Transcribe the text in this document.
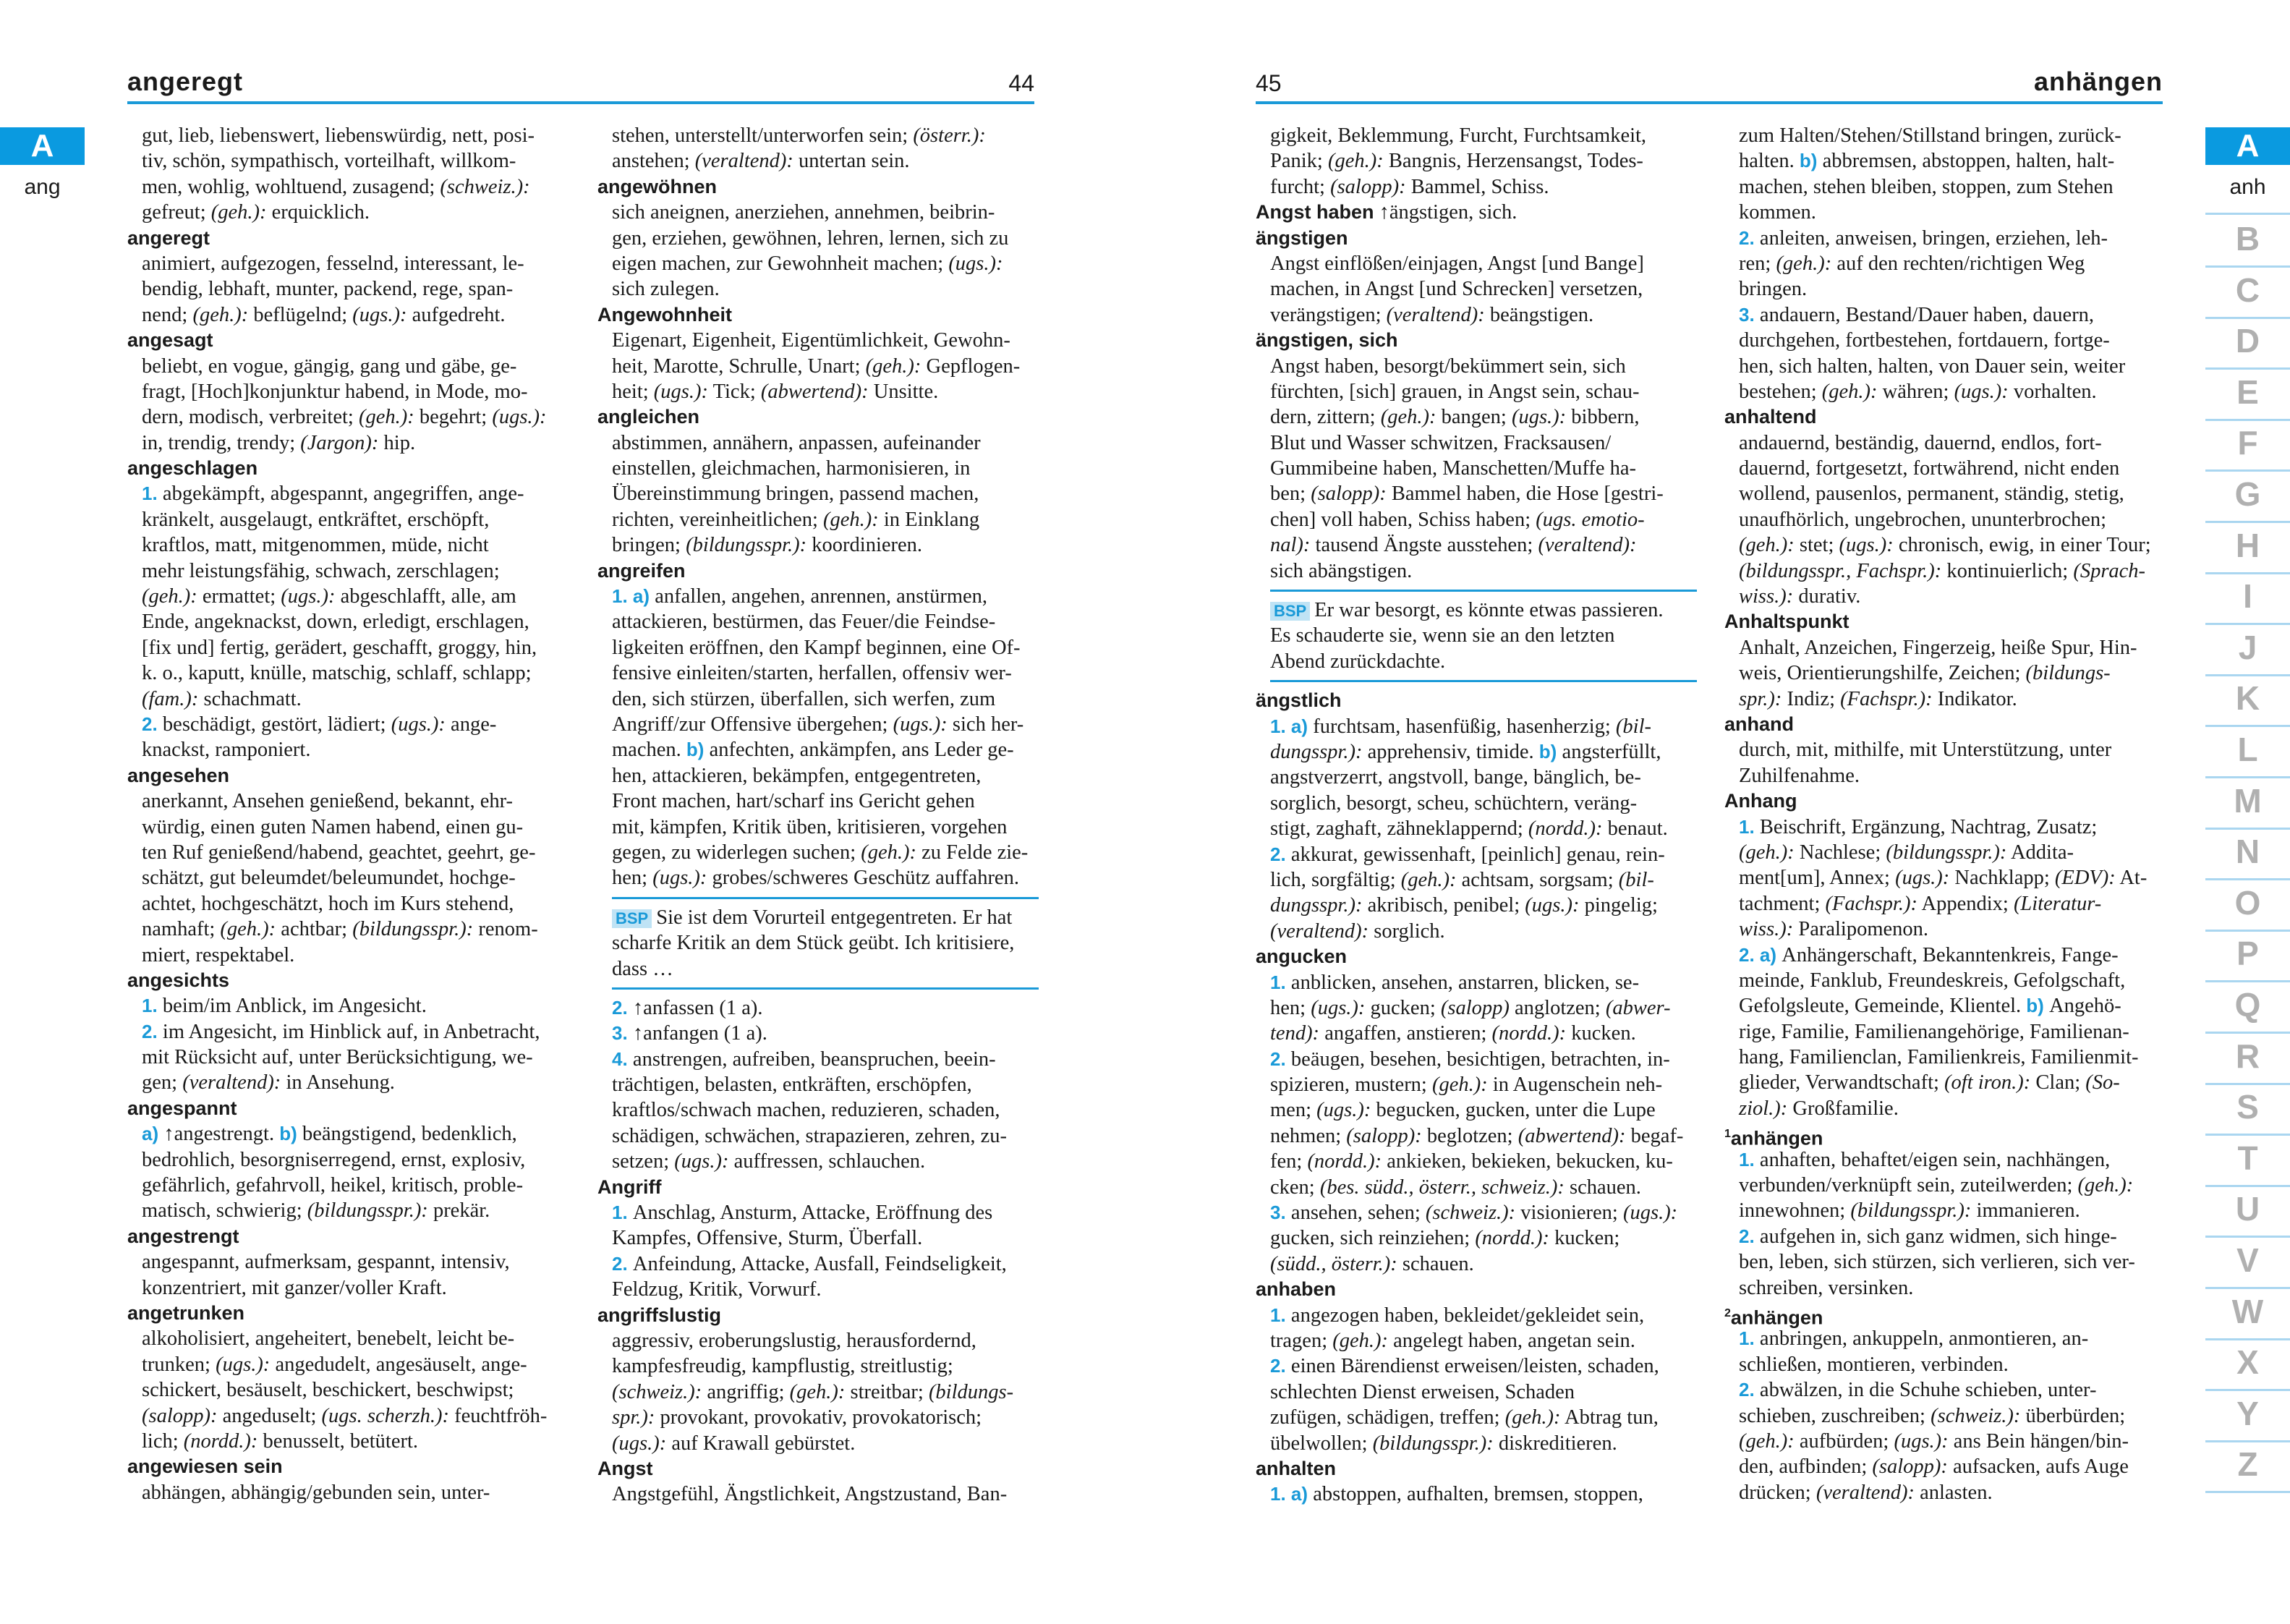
angeregt	44	45	anhängen
A
ang
A
anh
B
C
D
E
F
G
H
I
J
K
L
M
N
O
P
Q
R
S
T
U
V
W
X
Y
Z
gut, lieb, liebenswert, liebenswürdig, nett, posi-
tiv, schön, sympathisch, vorteilhaft, willkom-
men, wohlig, wohltuend, zusagend; (schweiz.):
gefreut; (geh.): erquicklich.
angeregt
animiert, aufgezogen, fesselnd, interessant, le-
bendig, lebhaft, munter, packend, rege, span-
nend; (geh.): beflügelnd; (ugs.): aufgedreht.
angesagt
beliebt, en vogue, gängig, gang und gäbe, ge-
fragt, [Hoch]konjunktur habend, in Mode, mo-
dern, modisch, verbreitet; (geh.): begehrt; (ugs.):
in, trendig, trendy; (Jargon): hip.
angeschlagen
1. abgekämpft, abgespannt, angegriffen, ange-
kränkelt, ausgelaugt, entkräftet, erschöpft,
kraftlos, matt, mitgenommen, müde, nicht
mehr leistungsfähig, schwach, zerschlagen;
(geh.): ermattet; (ugs.): abgeschlafft, alle, am
Ende, angeknackst, down, erledigt, erschlagen,
[fix und] fertig, gerädert, geschafft, groggy, hin,
k. o., kaputt, knülle, matschig, schlaff, schlapp;
(fam.): schachmatt.
2. beschädigt, gestört, lädiert; (ugs.): ange-
knackst, ramponiert.
angesehen
anerkannt, Ansehen genießend, bekannt, ehr-
würdig, einen guten Namen habend, einen gu-
ten Ruf genießend/habend, geachtet, geehrt, ge-
schätzt, gut beleumdet/beleumundet, hochge-
achtet, hochgeschätzt, hoch im Kurs stehend,
namhaft; (geh.): achtbar; (bildungsspr.): renom-
miert, respektabel.
angesichts
1. beim/im Anblick, im Angesicht.
2. im Angesicht, im Hinblick auf, in Anbetracht,
mit Rücksicht auf, unter Berücksichtigung, we-
gen; (veraltend): in Ansehung.
angespannt
a) ↑angestrengt. b) beängstigend, bedenklich,
bedrohlich, besorgniserregend, ernst, explosiv,
gefährlich, gefahrvoll, heikel, kritisch, proble-
matisch, schwierig; (bildungsspr.): prekär.
angestrengt
angespannt, aufmerksam, gespannt, intensiv,
konzentriert, mit ganzer/voller Kraft.
angetrunken
alkoholisiert, angeheitert, benebelt, leicht be-
trunken; (ugs.): angedudelt, angesäuselt, ange-
schickert, besäuselt, beschickert, beschwipst;
(salopp): angeduselt; (ugs. scherzh.): feuchtfröh-
lich; (nordd.): benusselt, betütert.
angewiesen sein
abhängen, abhängig/gebunden sein, unter-
stehen, unterstellt/unterworfen sein; (österr.):
anstehen; (veraltend): untertan sein.
angewöhnen
sich aneignen, anerziehen, annehmen, beibrin-
gen, erziehen, gewöhnen, lehren, lernen, sich zu
eigen machen, zur Gewohnheit machen; (ugs.):
sich zulegen.
Angewohnheit
Eigenart, Eigenheit, Eigentümlichkeit, Gewohn-
heit, Marotte, Schrulle, Unart; (geh.): Gepflogen-
heit; (ugs.): Tick; (abwertend): Unsitte.
angleichen
abstimmen, annähern, anpassen, aufeinander
einstellen, gleichmachen, harmonisieren, in
Übereinstimmung bringen, passend machen,
richten, vereinheitlichen; (geh.): in Einklang
bringen; (bildungsspr.): koordinieren.
angreifen
1. a) anfallen, angehen, anrennen, anstürmen,
attackieren, bestürmen, das Feuer/die Feindse-
ligkeiten eröffnen, den Kampf beginnen, eine Of-
fensive einleiten/starten, herfallen, offensiv wer-
den, sich stürzen, überfallen, sich werfen, zum
Angriff/zur Offensive übergehen; (ugs.): sich her-
machen. b) anfechten, ankämpfen, ans Leder ge-
hen, attackieren, bekämpfen, entgegentreten,
Front machen, hart/scharf ins Gericht gehen
mit, kämpfen, Kritik üben, kritisieren, vorgehen
gegen, zu widerlegen suchen; (geh.): zu Felde zie-
hen; (ugs.): grobes/schweres Geschütz auffahren.
BSP Sie ist dem Vorurteil entgegentreten. Er hat
scharfe Kritik an dem Stück geübt. Ich kritisiere,
dass …
2. ↑anfassen (1 a).
3. ↑anfangen (1 a).
4. anstrengen, aufreiben, beanspruchen, beein-
trächtigen, belasten, entkräften, erschöpfen,
kraftlos/schwach machen, reduzieren, schaden,
schädigen, schwächen, strapazieren, zehren, zu-
setzen; (ugs.): auffressen, schlauchen.
Angriff
1. Anschlag, Ansturm, Attacke, Eröffnung des
Kampfes, Offensive, Sturm, Überfall.
2. Anfeindung, Attacke, Ausfall, Feindseligkeit,
Feldzug, Kritik, Vorwurf.
angriffslustig
aggressiv, eroberungslustig, herausfordernd,
kampfesfreudig, kampflustig, streitlustig;
(schweiz.): angriffig; (geh.): streitbar; (bildungs-
spr.): provokant, provokativ, provokatorisch;
(ugs.): auf Krawall gebürstet.
Angst
Angstgefühl, Ängstlichkeit, Angstzustand, Ban-
gigkeit, Beklemmung, Furcht, Furchtsamkeit,
Panik; (geh.): Bangnis, Herzensangst, Todes-
furcht; (salopp): Bammel, Schiss.
Angst haben ↑ängstigen, sich.
ängstigen
Angst einflößen/einjagen, Angst [und Bange]
machen, in Angst [und Schrecken] versetzen,
verängstigen; (veraltend): beängstigen.
ängstigen, sich
Angst haben, besorgt/bekümmert sein, sich
fürchten, [sich] grauen, in Angst sein, schau-
dern, zittern; (geh.): bangen; (ugs.): bibbern,
Blut und Wasser schwitzen, Fracksausen/
Gummibeine haben, Manschetten/Muffe ha-
ben; (salopp): Bammel haben, die Hose [gestri-
chen] voll haben, Schiss haben; (ugs. emotio-
nal): tausend Ängste ausstehen; (veraltend):
sich abängstigen.
BSP Er war besorgt, es könnte etwas passieren.
Es schauderte sie, wenn sie an den letzten
Abend zurückdachte.
ängstlich
1. a) furchtsam, hasenfüßig, hasenherzig; (bil-
dungsspr.): apprehensiv, timide. b) angsterfüllt,
angstverzerrt, angstvoll, bange, bänglich, be-
sorglich, besorgt, scheu, schüchtern, veräng-
stigt, zaghaft, zähneklappernd; (nordd.): benaut.
2. akkurat, gewissenhaft, [peinlich] genau, rein-
lich, sorgfältig; (geh.): achtsam, sorgsam; (bil-
dungsspr.): akribisch, penibel; (ugs.): pingelig;
(veraltend): sorglich.
angucken
1. anblicken, ansehen, anstarren, blicken, se-
hen; (ugs.): gucken; (salopp) anglotzen; (abwer-
tend): angaffen, anstieren; (nordd.): kucken.
2. beäugen, besehen, besichtigen, betrachten, in-
spizieren, mustern; (geh.): in Augenschein neh-
men; (ugs.): begucken, gucken, unter die Lupe
nehmen; (salopp): beglotzen; (abwertend): begaf-
fen; (nordd.): ankieken, bekieken, bekucken, ku-
cken; (bes. südd., österr., schweiz.): schauen.
3. ansehen, sehen; (schweiz.): visionieren; (ugs.):
gucken, sich reinziehen; (nordd.): kucken;
(südd., österr.): schauen.
anhaben
1. angezogen haben, bekleidet/gekleidet sein,
tragen; (geh.): angelegt haben, angetan sein.
2. einen Bärendienst erweisen/leisten, schaden,
schlechten Dienst erweisen, Schaden
zufügen, schädigen, treffen; (geh.): Abtrag tun,
übelwollen; (bildungsspr.): diskreditieren.
anhalten
1. a) abstoppen, aufhalten, bremsen, stoppen,
zum Halten/Stehen/Stillstand bringen, zurück-
halten. b) abbremsen, abstoppen, halten, halt-
machen, stehen bleiben, stoppen, zum Stehen
kommen.
2. anleiten, anweisen, bringen, erziehen, leh-
ren; (geh.): auf den rechten/richtigen Weg
bringen.
3. andauern, Bestand/Dauer haben, dauern,
durchgehen, fortbestehen, fortdauern, fortge-
hen, sich halten, halten, von Dauer sein, weiter
bestehen; (geh.): währen; (ugs.): vorhalten.
anhaltend
andauernd, beständig, dauernd, endlos, fort-
dauernd, fortgesetzt, fortwährend, nicht enden
wollend, pausenlos, permanent, ständig, stetig,
unaufhörlich, ungebrochen, ununterbrochen;
(geh.): stet; (ugs.): chronisch, ewig, in einer Tour;
(bildungsspr., Fachspr.): kontinuierlich; (Sprach-
wiss.): durativ.
Anhaltspunkt
Anhalt, Anzeichen, Fingerzeig, heiße Spur, Hin-
weis, Orientierungshilfe, Zeichen; (bildungs-
spr.): Indiz; (Fachspr.): Indikator.
anhand
durch, mit, mithilfe, mit Unterstützung, unter
Zuhilfenahme.
Anhang
1. Beischrift, Ergänzung, Nachtrag, Zusatz;
(geh.): Nachlese; (bildungsspr.): Addita-
ment[um], Annex; (ugs.): Nachklapp; (EDV): At-
tachment; (Fachspr.): Appendix; (Literatur-
wiss.): Paralipomenon.
2. a) Anhängerschaft, Bekanntenkreis, Fange-
meinde, Fanklub, Freundeskreis, Gefolgschaft,
Gefolgsleute, Gemeinde, Klientel. b) Angehö-
rige, Familie, Familienangehörige, Familienan-
hang, Familienclan, Familienkreis, Familienmit-
glieder, Verwandtschaft; (oft iron.): Clan; (So-
ziol.): Großfamilie.
$^1$anhängen
1. anhaften, behaftet/eigen sein, nachhängen,
verbunden/verknüpft sein, zuteilwerden; (geh.):
innewohnen; (bildungsspr.): immanieren.
2. aufgehen in, sich ganz widmen, sich hinge-
ben, leben, sich stürzen, sich verlieren, sich ver-
schreiben, versinken.
$^2$anhängen
1. anbringen, ankuppeln, anmontieren, an-
schließen, montieren, verbinden.
2. abwälzen, in die Schuhe schieben, unter-
schieben, zuschreiben; (schweiz.): überbürden;
(geh.): aufbürden; (ugs.): ans Bein hängen/bin-
den, aufbinden; (salopp): aufsacken, aufs Auge
drücken; (veraltend): anlasten.
